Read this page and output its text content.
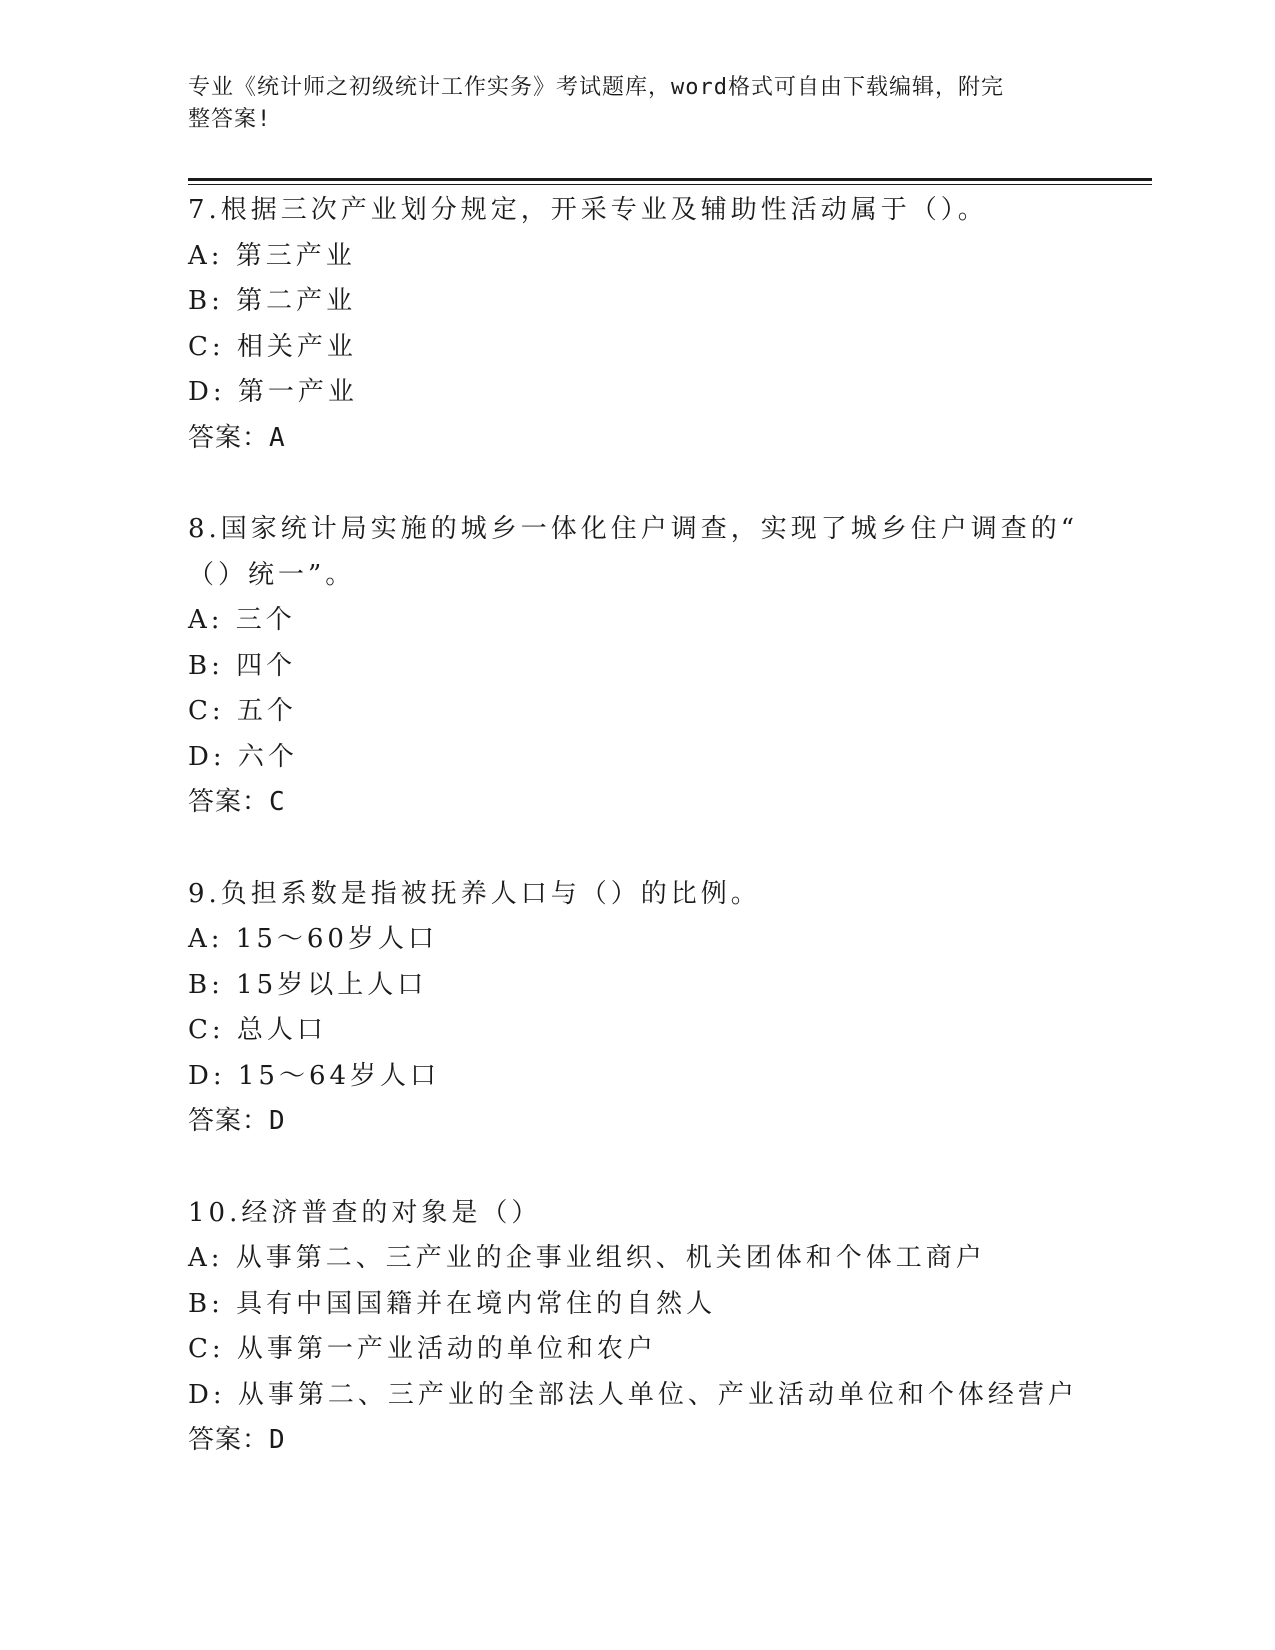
专业《统计师之初级统计工作实务》考试题库，word格式可自由下载编辑，附完
整答案!
7.根据三次产业划分规定，开采专业及辅助性活动属于（）。
A: 第三产业
B: 第二产业
C: 相关产业
D: 第一产业
答案：A
8.国家统计局实施的城乡一体化住户调查，实现了城乡住户调查的“
（）统一”。
A: 三个
B: 四个
C: 五个
D: 六个
答案：C
9.负担系数是指被抚养人口与（）的比例。
A: 15～60岁人口
B: 15岁以上人口
C: 总人口
D: 15～64岁人口
答案：D
10.经济普查的对象是（）
A: 从事第二、三产业的企事业组织、机关团体和个体工商户
B: 具有中国国籍并在境内常住的自然人
C: 从事第一产业活动的单位和农户
D: 从事第二、三产业的全部法人单位、产业活动单位和个体经营户
答案：D
